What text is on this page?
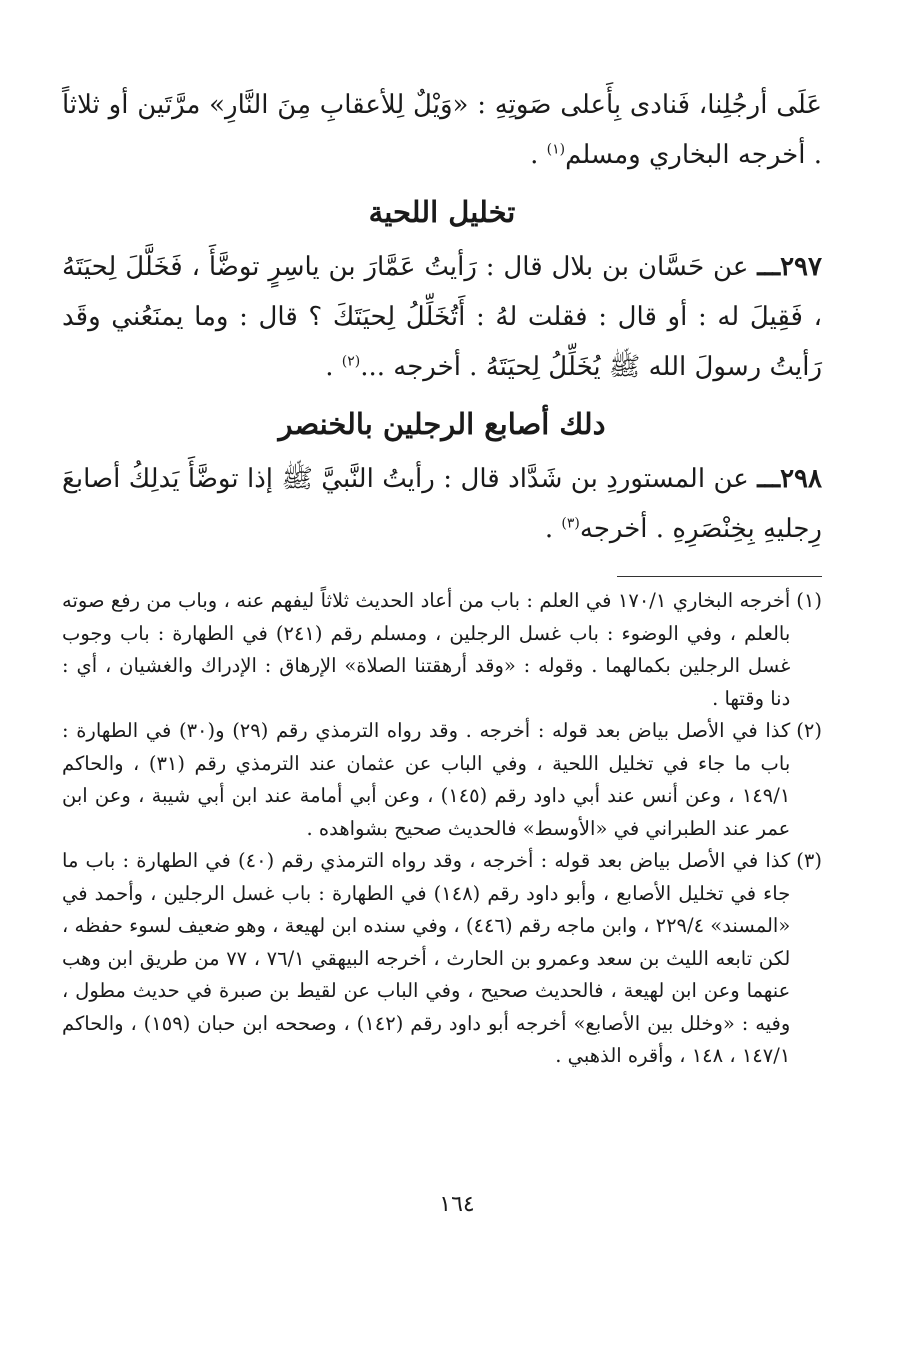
عَلَى أرجُلِنا، فَنادى بِأَعلى صَوتِهِ : «وَيْلٌ لِلأعقابِ مِنَ النَّارِ» مرَّتَين أو ثلاثاً . أخرجه البخاري ومسلم$^{(١)}$ .

تخليل اللحية

٢٩٧ـــ عن حَسَّان بن بلال قال : رَأيتُ عَمَّارَ بن ياسِرٍ توضَّأَ ، فَخَلَّلَ لِحيَتَهُ ، فَقِيلَ له : أو قال : فقلت لهُ : أَتُخَلِّلُ لِحيَتَكَ ؟ قال : وما يمنَعُني وقَد رَأيتُ رسولَ الله ﷺ يُخَلِّلُ لِحيَتَهُ . أخرجه ...$^{(٢)}$ .

دلك أصابع الرجلين بالخنصر

٢٩٨ـــ عن المستوردِ بن شَدَّاد قال : رأيتُ النَّبيَّ ﷺ إذا توضَّأَ يَدلِكُ أصابعَ رِجليهِ بِخِنْصَرِهِ . أخرجه$^{(٣)}$ .

(١)
أخرجه البخاري ١٧٠/١ في العلم : باب من أعاد الحديث ثلاثاً ليفهم عنه ، وباب من رفع صوته بالعلم ، وفي الوضوء : باب غسل الرجلين ، ومسلم رقم (٢٤١) في الطهارة : باب وجوب غسل الرجلين بكمالهما . وقوله : «وقد أرهقتنا الصلاة» الإرهاق : الإدراك والغشيان ، أي : دنا وقتها .
(٢)
كذا في الأصل بياض بعد قوله : أخرجه . وقد رواه الترمذي رقم (٢٩) و(٣٠) في الطهارة : باب ما جاء في تخليل اللحية ، وفي الباب عن عثمان عند الترمذي رقم (٣١) ، والحاكم ١٤٩/١ ، وعن أنس عند أبي داود رقم (١٤٥) ، وعن أبي أمامة عند ابن أبي شيبة ، وعن ابن عمر عند الطبراني في «الأوسط» فالحديث صحيح بشواهده .
(٣)
كذا في الأصل بياض بعد قوله : أخرجه ، وقد رواه الترمذي رقم (٤٠) في الطهارة : باب ما جاء في تخليل الأصابع ، وأبو داود رقم (١٤٨) في الطهارة : باب غسل الرجلين ، وأحمد في «المسند» ٢٢٩/٤ ، وابن ماجه رقم (٤٤٦) ، وفي سنده ابن لهيعة ، وهو ضعيف لسوء حفظه ، لكن تابعه الليث بن سعد وعمرو بن الحارث ، أخرجه البيهقي ٧٦/١ ، ٧٧ من طريق ابن وهب عنهما وعن ابن لهيعة ، فالحديث صحيح ، وفي الباب عن لقيط بن صبرة في حديث مطول ، وفيه : «وخلل بين الأصابع» أخرجه أبو داود رقم (١٤٢) ، وصححه ابن حبان (١٥٩) ، والحاكم ١٤٧/١ ، ١٤٨ ، وأقره الذهبي .
١٦٤
